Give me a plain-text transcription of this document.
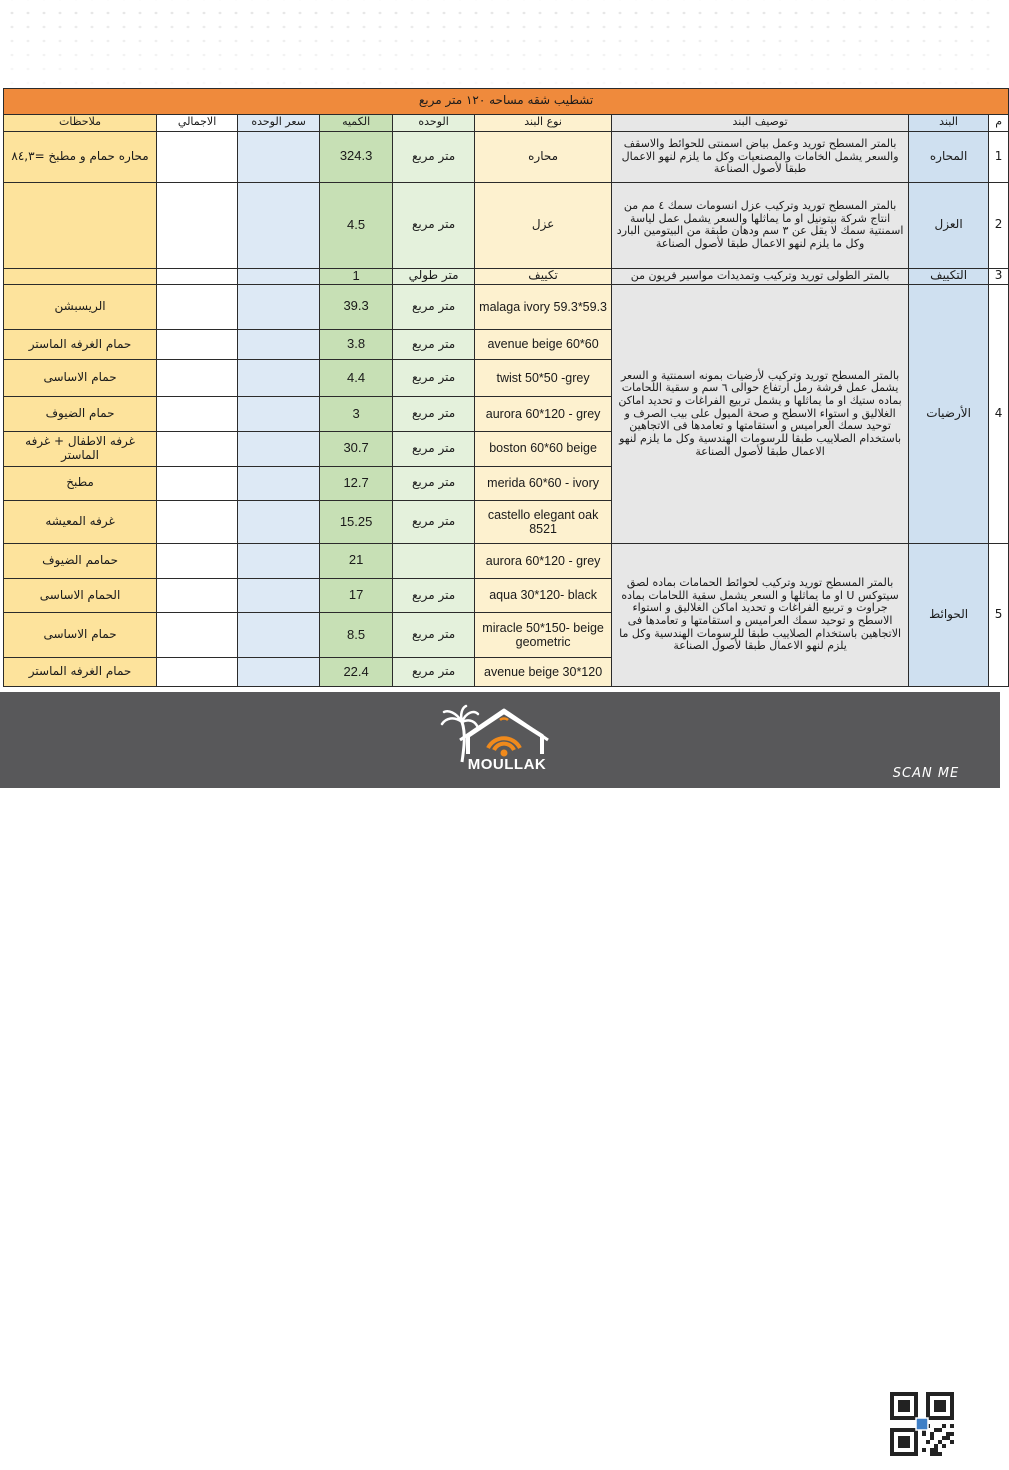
تشطيب شقه مساحه ١٢٠ متر مربع								
م	البند	توصيف البند	نوع البند	الوحده	الكميه	سعر الوحده	الاجمالي	ملاحظات
1	المحاره	بالمتر المسطح توريد وعمل بياض اسمنتى للحوائط والاسقف والسعر يشمل الخامات والمصنعيات وكل ما يلزم لنهو الاعمال طبقا لأصول الصناعة	محاره	متر مربع	324.3			محاره حمام و مطبخ =٨٤,٣
2	العزل	بالمتر المسطح توريد وتركيب عزل انسومات سمك ٤ مم من انتاج شركة بيتونيل او ما يماثلها والسعر يشمل عمل لياسة اسمنتية سمك لا يقل عن ٣ سم ودهان طبقة من البيتومين البارد وكل ما يلزم لنهو الاعمال طبقا لأصول الصناعة	عزل	متر مربع	4.5			
3	التكييف	بالمتر الطولى توريد وتركيب وتمديدات مواسير فريون من	تكييف	متر طولي	1			
4	الأرضيات	بالمتر المسطح توريد وتركيب لأرضيات بمونه اسمنتية و السعر يشمل عمل فرشة رمل ارتفاع حوالى ٦ سم و سقية اللحامات بماده ستيك او ما يماثلها و يشمل تربيع الفراغات و تحديد اماكن الغلاليق و استواء الاسطح و صحة الميول على بيب الصرف و توحيد سمك العراميس و استقامتها و تعامدها فى الاتجاهين باستخدام الصلاييب طبقا للرسومات الهندسية وكل ما يلزم لنهو الاعمال طبقا لأصول الصناعة	malaga ivory 59.3*59.3	متر مربع	39.3			الريسبشن
			avenue beige 60*60	متر مربع	3.8			حمام الغرفه الماستر
			twist 50*50 -grey	متر مربع	4.4			حمام الاساسى
			aurora 60*120 - grey	متر مربع	3			حمام الضيوف
			boston 60*60 beige	متر مربع	30.7			غرفه الاطفال + غرفه الماستر
			merida 60*60 - ivory	متر مربع	12.7			مطبخ
			castello elegant oak 8521	متر مربع	15.25			غرفه المعيشه
5	الحوائط	بالمتر المسطح توريد وتركيب لحوائط الحمامات بماده لصق سيتوكس U او ما يماثلها و السعر يشمل سقية اللحامات بماده جراوت و تربيع الفراغات و تحديد اماكن الغلاليق و استواء الاسطح و توحيد سمك العراميس و استقامتها و تعامدها فى الاتجاهين باستخدام الصلاييب طبقا للرسومات الهندسية وكل ما يلزم لنهو الاعمال طبقا لأصول الصناعة	aurora 60*120 - grey		21			حمامم الضيوف
			aqua 30*120- black	متر مربع	17			الحمام الاساسى
			miracle 50*150- beige geometric	متر مربع	8.5			حمام الاساسى
			avenue beige 30*120	متر مربع	22.4			حمام الغرفه الماستر
MOULLAK
SCAN ME
